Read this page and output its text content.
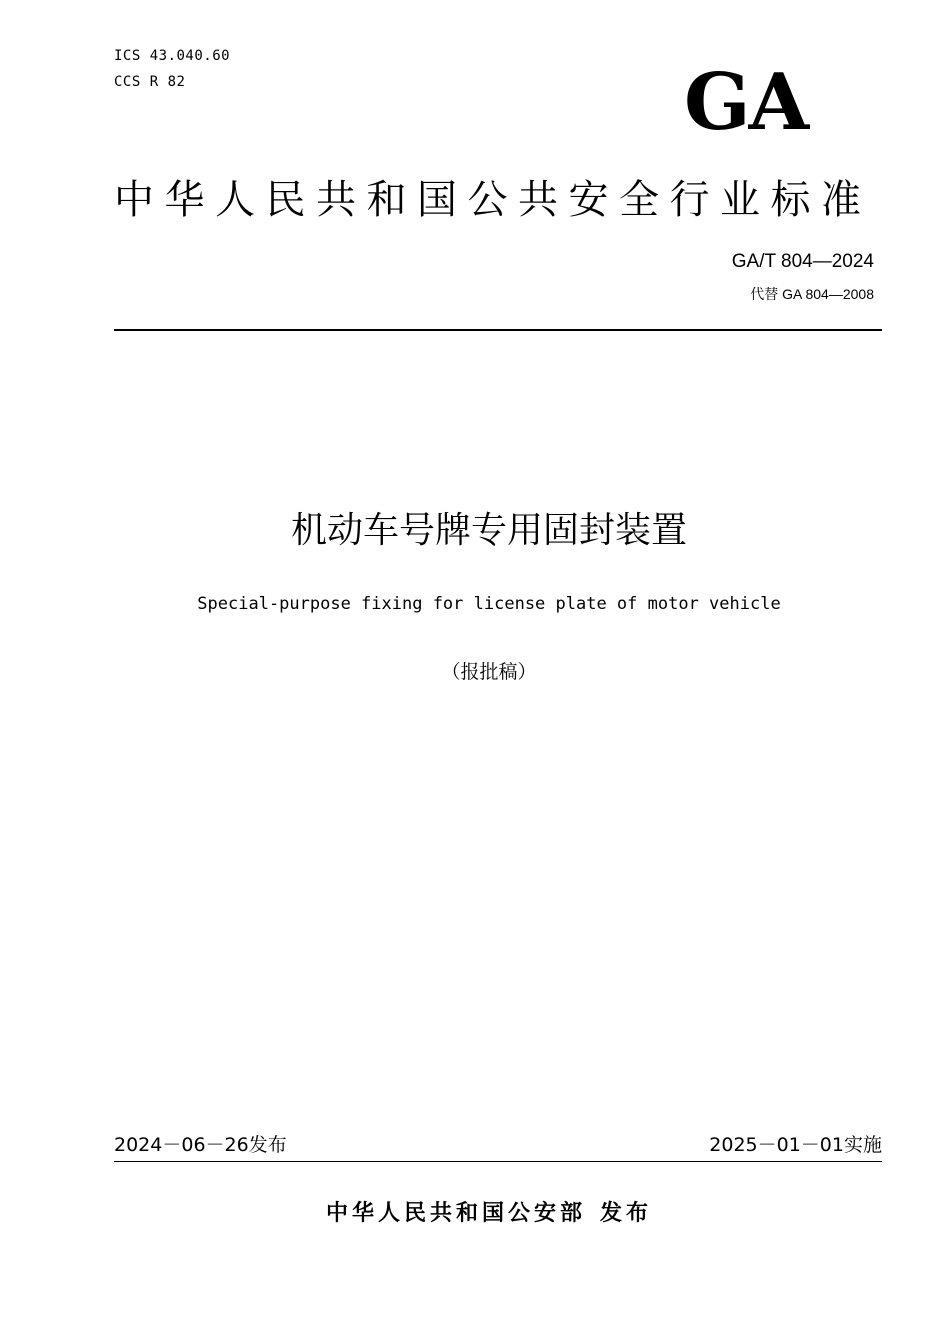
ICS 43.040.60
CCS R 82	GA
中华人民共和国公共安全行业标准
GA/T 804—2024
代替 GA 804—2008
机动车号牌专用固封装置
Special-purpose fixing for license plate of motor vehicle
（报批稿）
2024－06－26发布	2025－01－01实施
中华人民共和国公安部 发布
